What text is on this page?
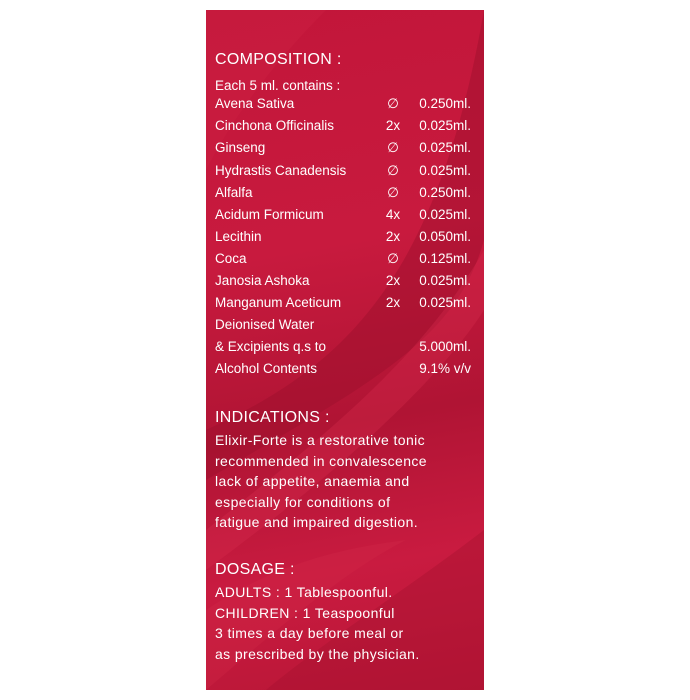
COMPOSITION :
Each 5 ml. contains :
Avena Sativa	∅	0.250ml.
Cinchona Officinalis	2x	0.025ml.
Ginseng	∅	0.025ml.
Hydrastis Canadensis	∅	0.025ml.
Alfalfa	∅	0.250ml.
Acidum Formicum	4x	0.025ml.
Lecithin	2x	0.050ml.
Coca	∅	0.125ml.
Janosia Ashoka	2x	0.025ml.
Manganum Aceticum	2x	0.025ml.
Deionised Water
& Excipients q.s to	5.000ml.
Alcohol Contents	9.1% v/v
INDICATIONS :
Elixir-Forte is a restorative tonic
recommended in convalescence
lack of appetite, anaemia and
especially for conditions of
fatigue and impaired digestion.
DOSAGE :
ADULTS : 1 Tablespoonful.
CHILDREN : 1 Teaspoonful
3 times a day before meal or
as prescribed by the physician.
